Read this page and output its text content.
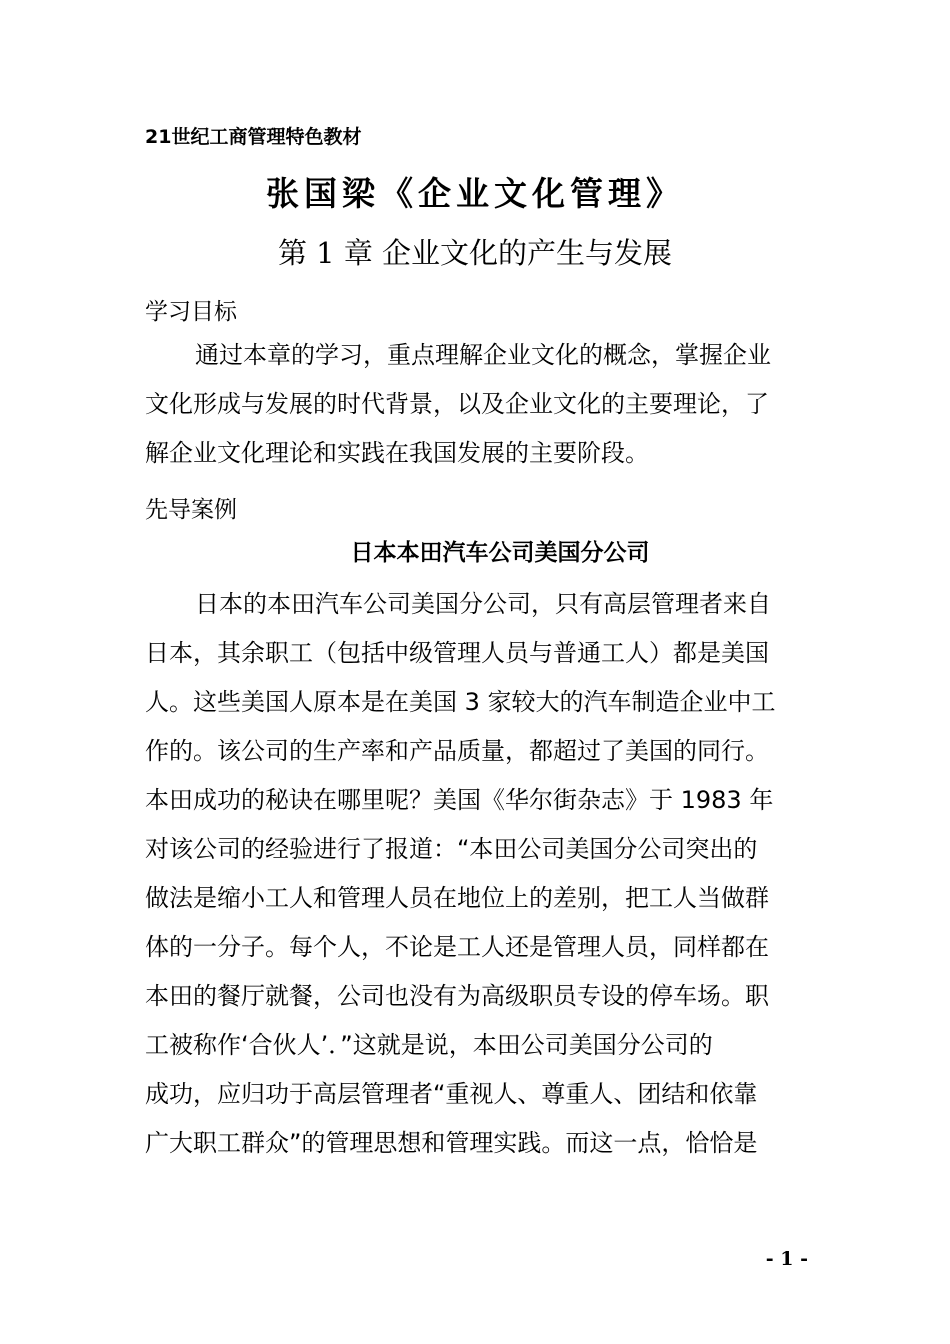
21世纪工商管理特色教材
张国梁《企业文化管理》
第 1 章 企业文化的产生与发展
学习目标
通过本章的学习，重点理解企业文化的概念，掌握企业
文化形成与发展的时代背景，以及企业文化的主要理论，了
解企业文化理论和实践在我国发展的主要阶段。
先导案例
日本本田汽车公司美国分公司
日本的本田汽车公司美国分公司，只有高层管理者来自
日本，其余职工（包括中级管理人员与普通工人）都是美国
人。这些美国人原本是在美国 3 家较大的汽车制造企业中工
作的。该公司的生产率和产品质量，都超过了美国的同行。
本田成功的秘诀在哪里呢？美国《华尔街杂志》于 1983 年
对该公司的经验进行了报道：“本田公司美国分公司突出的
做法是缩小工人和管理人员在地位上的差别，把工人当做群
体的一分子。每个人，不论是工人还是管理人员，同样都在
本田的餐厅就餐，公司也没有为高级职员专设的停车场。职
工被称作‘合伙人’．”这就是说，本田公司美国分公司的
成功，应归功于高层管理者“重视人、尊重人、团结和依靠
广大职工群众”的管理思想和管理实践。而这一点，恰恰是
- 1 -
